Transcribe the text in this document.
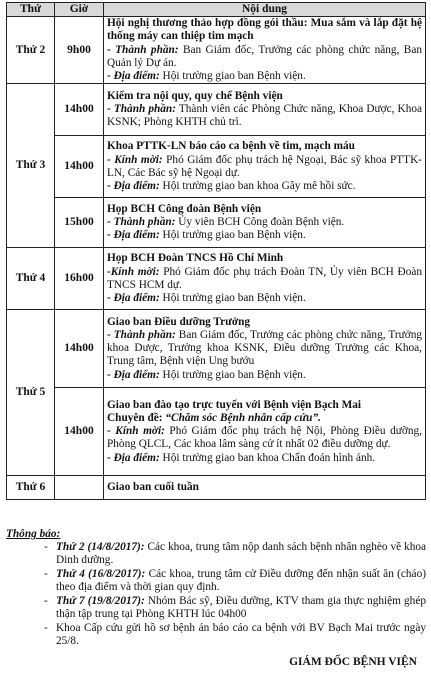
Thứ	Giờ	Nội dung
Thứ 2	9h00	Hội nghị thương thảo hợp đồng gói thầu: Mua sắm và lắp đặt hệ thống máy can thiệp tim mạch
- Thành phần: Ban Giám đốc, Trưởng các phòng chức năng, Ban Quản lý Dự án.
- Địa điểm: Hội trường giao ban Bệnh viện.

Thứ 3	14h00	Kiểm tra nội quy, quy chế Bệnh viện
- Thành phần: Thành viên các Phòng Chức năng, Khoa Dược, Khoa KSNK; Phòng KHTH chủ trì.

	14h00	Khoa PTTK-LN báo cáo ca bệnh về tim, mạch máu
- Kính mời: Phó Giám đốc phụ trách hệ Ngoại, Bác sỹ khoa PTTK-LN, Các Bác sỹ hệ Ngoại dự.
- Địa điểm: Hội trường giao ban khoa Gây mê hồi sức.

	15h00	Họp BCH Công đoàn Bệnh viện
- Thành phần: Ủy viên BCH Công đoàn Bệnh viện.
- Địa điểm: Hội trường giao ban Bệnh viện.

Thứ 4	16h00	Họp BCH Đoàn TNCS Hồ Chí Minh
-Kính mời: Phó Giám đốc phụ trách Đoàn TN, Ủy viên BCH Đoàn TNCS HCM dự.
- Địa điểm: Hội trường giao ban Bệnh viện.

Thứ 5	14h00	Giao ban Điều dưỡng Trưởng
- Thành phần: Ban Giám đốc, Trưởng các phòng chức năng, Trưởng khoa Dược, Trưởng khoa KSNK, Điều dưỡng Trưởng các Khoa, Trung tâm, Bệnh viện Ung bướu
- Địa điểm: Hội trường giao ban Bệnh viện.

	14h00	Giao ban đào tạo trực tuyến với Bệnh viện Bạch Mai
Chuyên đề: “Chăm sóc Bệnh nhân cấp cứu”.
- Kính mời: Phó Giám đốc phụ trách hệ Nội, Phòng Điều dưỡng, Phòng QLCL, Các khoa lâm sàng cử ít nhất 02 điều dưỡng dự.
- Địa điểm: Hội trường giao ban khoa Chẩn đoán hình ảnh.

Thứ 6		Giao ban cuối tuần
Thông báo:
- Thứ 2 (14/8/2017): Các khoa, trung tâm nộp danh sách bệnh nhân nghèo về khoa Dinh dưỡng.
- Thứ 4 (16/8/2017): Các khoa, trung tâm cử Điều dưỡng đến nhận suất ăn (cháo) theo địa điểm và thời gian quy định.
- Thứ 7 (19/8/2017): Nhóm Bác sỹ, Điều dưỡng, KTV tham gia thực nghiệm ghép thận tập trung tại Phòng KHTH lúc 04h00
- Khoa Cấp cứu gửi hồ sơ bệnh án báo cáo ca bệnh với BV Bạch Mai trước ngày 25/8.
GIÁM ĐỐC BỆNH VIỆN
